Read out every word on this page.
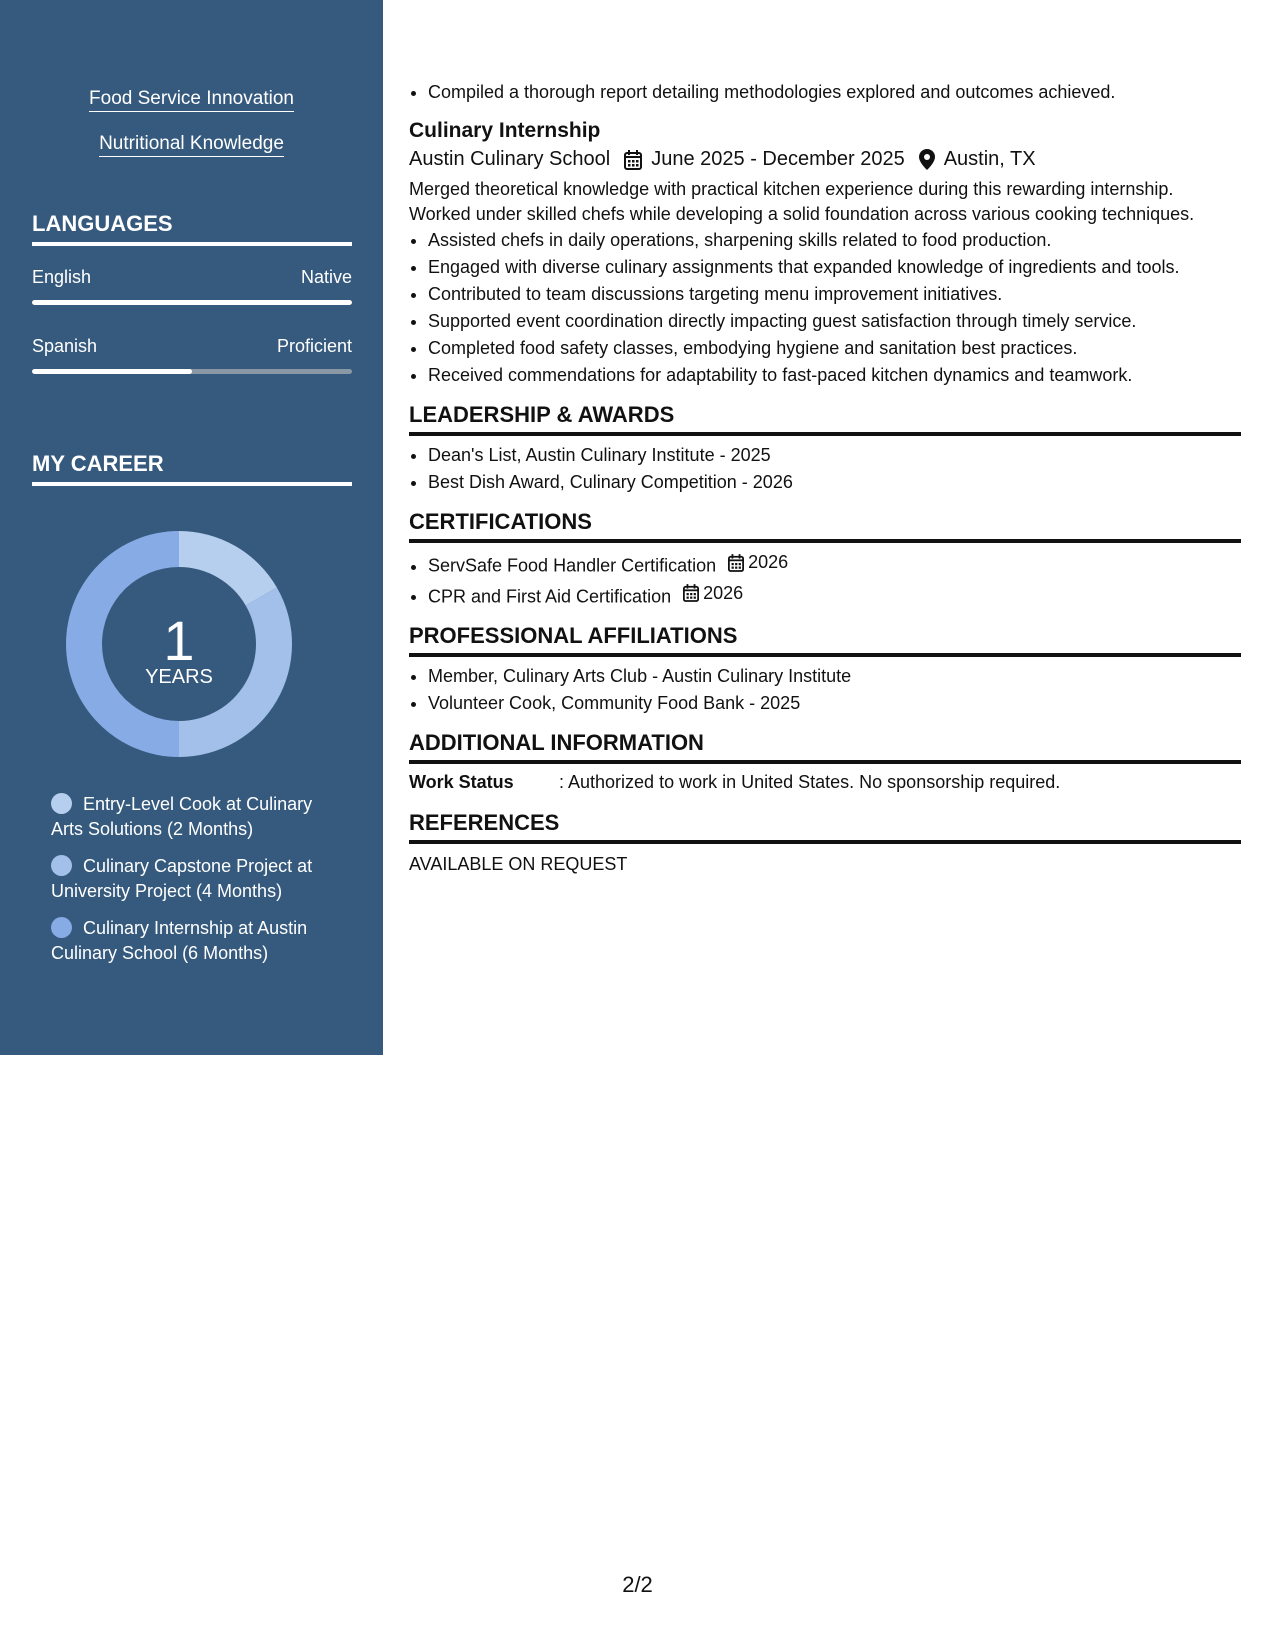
Food Service Innovation
Nutritional Knowledge
LANGUAGES
English	Native
Spanish	Proficient
MY CAREER
1
YEARS
Entry-Level Cook at Culinary Arts Solutions (2 Months)
Culinary Capstone Project at University Project (4 Months)
Culinary Internship at Austin Culinary School (6 Months)
• Compiled a thorough report detailing methodologies explored and outcomes achieved.
Culinary Internship
Austin Culinary School June 2025 - December 2025 Austin, TX
Merged theoretical knowledge with practical kitchen experience during this rewarding internship.
Worked under skilled chefs while developing a solid foundation across various cooking techniques.
• Assisted chefs in daily operations, sharpening skills related to food production.
• Engaged with diverse culinary assignments that expanded knowledge of ingredients and tools.
• Contributed to team discussions targeting menu improvement initiatives.
• Supported event coordination directly impacting guest satisfaction through timely service.
• Completed food safety classes, embodying hygiene and sanitation best practices.
• Received commendations for adaptability to fast-paced kitchen dynamics and teamwork.
LEADERSHIP & AWARDS
• Dean's List, Austin Culinary Institute - 2025
• Best Dish Award, Culinary Competition - 2026
CERTIFICATIONS
• ServSafe Food Handler Certification 2026
• CPR and First Aid Certification 2026
PROFESSIONAL AFFILIATIONS
• Member, Culinary Arts Club - Austin Culinary Institute
• Volunteer Cook, Community Food Bank - 2025
ADDITIONAL INFORMATION
Work Status	: Authorized to work in United States. No sponsorship required.
REFERENCES
AVAILABLE ON REQUEST
2/2
